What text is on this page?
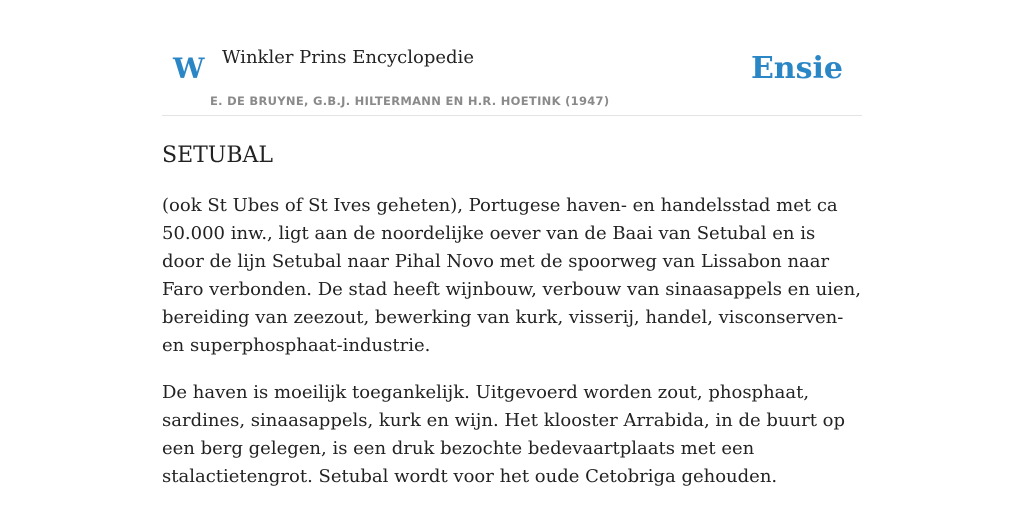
W Winkler Prins Encyclopedie
E. DE BRUYNE, G.B.J. HILTERMANN EN H.R. HOETINK (1947)
Ensie
SETUBAL

(ook St Ubes of St Ives geheten), Portugese haven- en handelsstad met ca 50.000 inw., ligt aan de noordelijke oever van de Baai van Setubal en is door de lijn Setubal naar Pihal Novo met de spoorweg van Lissabon naar Faro verbonden. De stad heeft wijnbouw, verbouw van sinaasappels en uien, bereiding van zeezout, bewerking van kurk, visserij, handel, visconserven- en superphosphaat-industrie.

De haven is moeilijk toegankelijk. Uitgevoerd worden zout, phosphaat, sardines, sinaasappels, kurk en wijn. Het klooster Arrabida, in de buurt op een berg gelegen, is een druk bezochte bedevaartplaats met een stalactietengrot. Setubal wordt voor het oude Cetobriga gehouden.
